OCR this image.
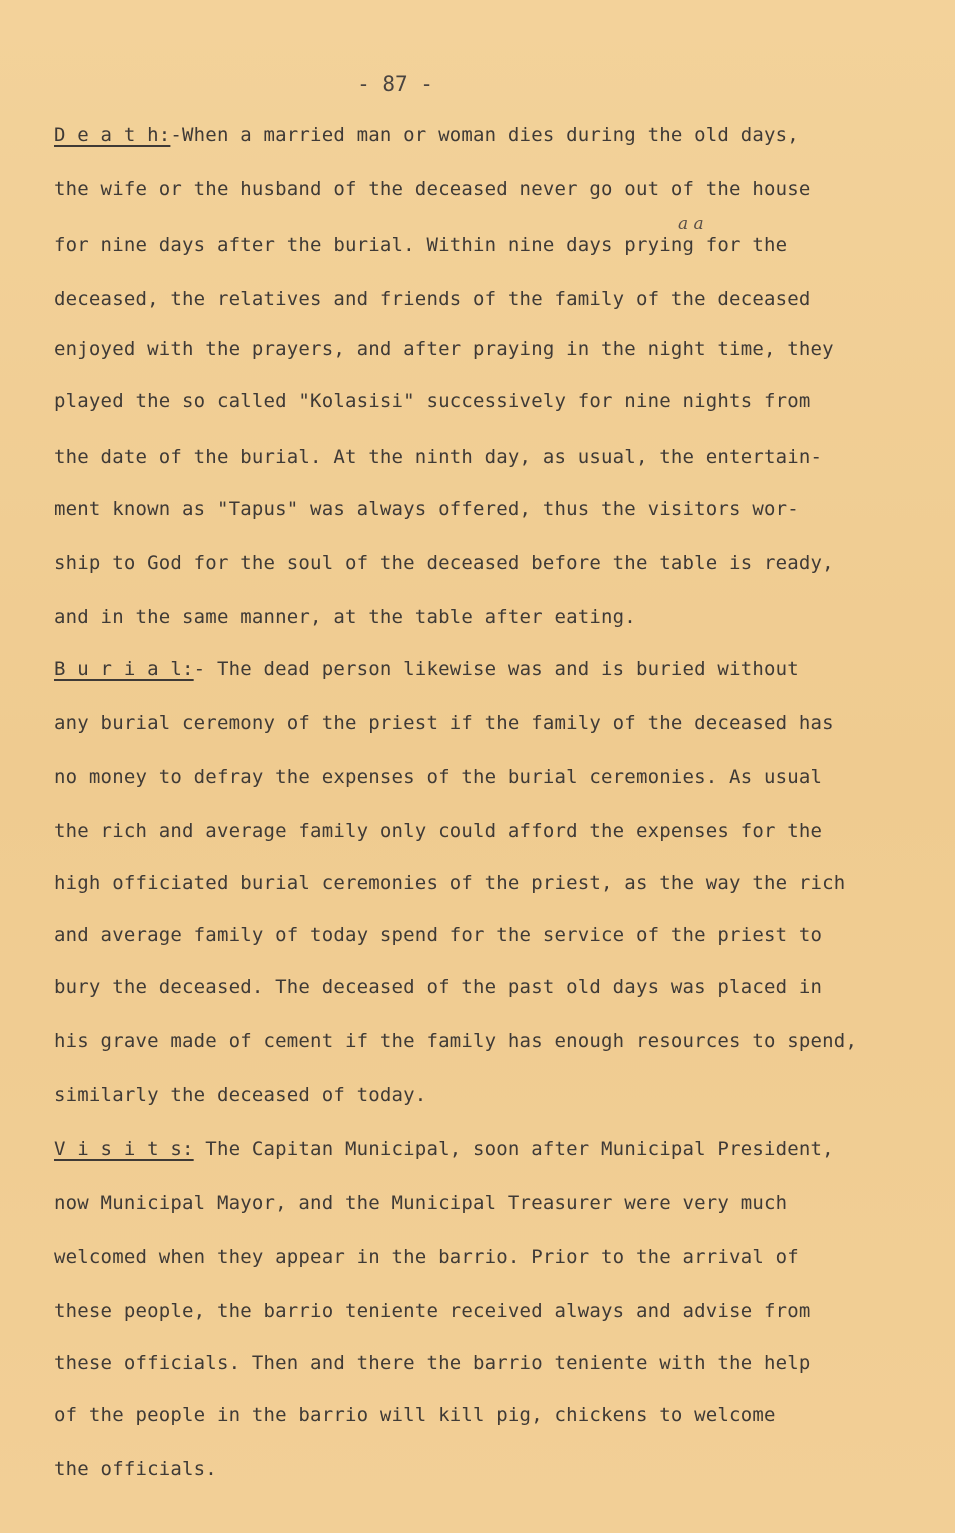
- 87 -
a a
D e a t h:-When a married man or woman dies during the old days,
the wife or the husband of the deceased never go out of the house
for nine days after the burial. Within nine days prying for the
deceased, the relatives and friends of the family of the deceased
enjoyed with the prayers, and after praying in the night time, they
played the so called "Kolasisi" successively for nine nights from
the date of the burial. At the ninth day, as usual, the entertain-
ment known as "Tapus" was always offered, thus the visitors wor-
ship to God for the soul of the deceased before the table is ready,
and in the same manner, at the table after eating.
B u r i a l:- The dead person likewise was and is buried without
any burial ceremony of the priest if the family of the deceased has
no money to defray the expenses of the burial ceremonies. As usual
the rich and average family only could afford the expenses for the
high officiated burial ceremonies of the priest, as the way the rich
and average family of today spend for the service of the priest to
bury the deceased. The deceased of the past old days was placed in
his grave made of cement if the family has enough resources to spend,
similarly the deceased of today.
V i s i t s: The Capitan Municipal, soon after Municipal President,
now Municipal Mayor, and the Municipal Treasurer were very much
welcomed when they appear in the barrio. Prior to the arrival of
these people, the barrio teniente received always and advise from
these officials. Then and there the barrio teniente with the help
of the people in the barrio will kill pig, chickens to welcome
the officials.
